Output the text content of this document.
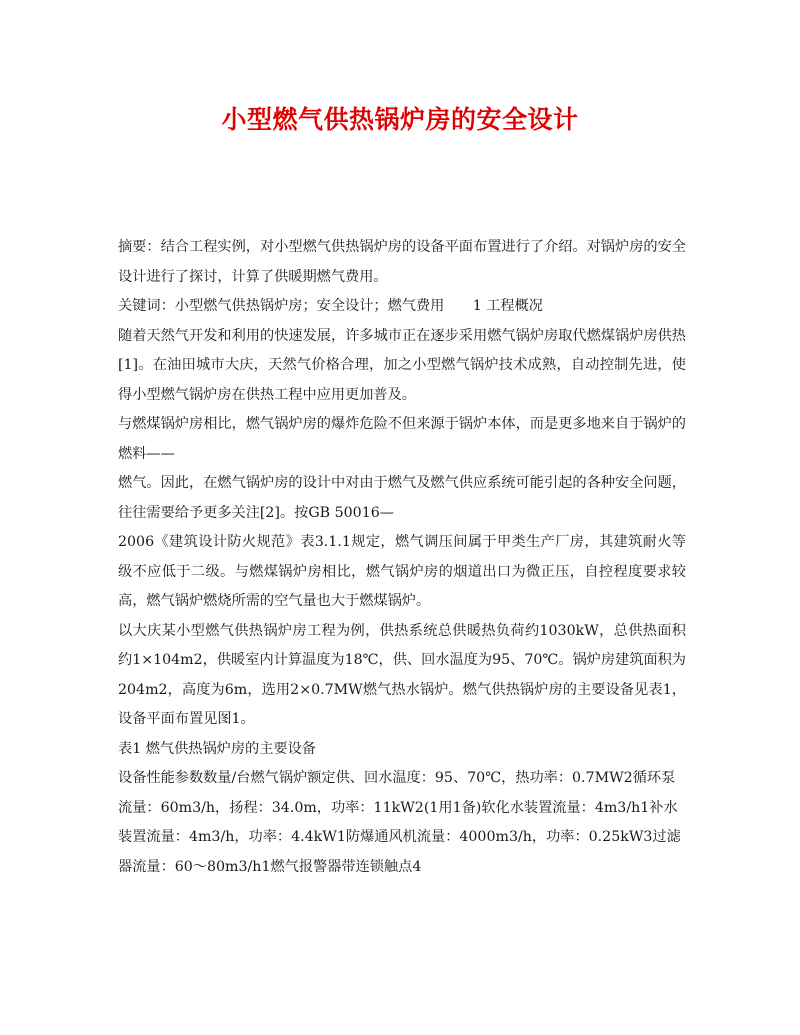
小型燃气供热锅炉房的安全设计

摘要：结合工程实例，对小型燃气供热锅炉房的设备平面布置进行了介绍。对锅炉房的安全设计进行了探讨，计算了供暖期燃气费用。

关键词：小型燃气供热锅炉房；安全设计；燃气费用　　1 工程概况

随着天然气开发和利用的快速发展，许多城市正在逐步采用燃气锅炉房取代燃煤锅炉房供热[1]。在油田城市大庆，天然气价格合理，加之小型燃气锅炉技术成熟，自动控制先进，使得小型燃气锅炉房在供热工程中应用更加普及。

与燃煤锅炉房相比，燃气锅炉房的爆炸危险不但来源于锅炉本体，而是更多地来自于锅炉的燃料——

燃气。因此，在燃气锅炉房的设计中对由于燃气及燃气供应系统可能引起的各种安全问题，往往需要给予更多关注[2]。按GB 50016—

2006《建筑设计防火规范》表3.1.1规定，燃气调压间属于甲类生产厂房，其建筑耐火等级不应低于二级。与燃煤锅炉房相比，燃气锅炉房的烟道出口为微正压，自控程度要求较高，燃气锅炉燃烧所需的空气量也大于燃煤锅炉。

以大庆某小型燃气供热锅炉房工程为例，供热系统总供暖热负荷约1030kW，总供热面积约1×104m2，供暖室内计算温度为18℃，供、回水温度为95、70℃。锅炉房建筑面积为204m2，高度为6m，选用2×0.7MW燃气热水锅炉。燃气供热锅炉房的主要设备见表1，设备平面布置见图1。

表1 燃气供热锅炉房的主要设备

设备性能参数数量/台燃气锅炉额定供、回水温度：95、70℃，热功率：0.7MW2循环泵流量：60m3/h，扬程：34.0m，功率：11kW2(1用1备)软化水装置流量：4m3/h1补水装置流量：4m3/h，功率：4.4kW1防爆通风机流量：4000m3/h，功率：0.25kW3过滤器流量：60～80m3/h1燃气报警器带连锁触点4
